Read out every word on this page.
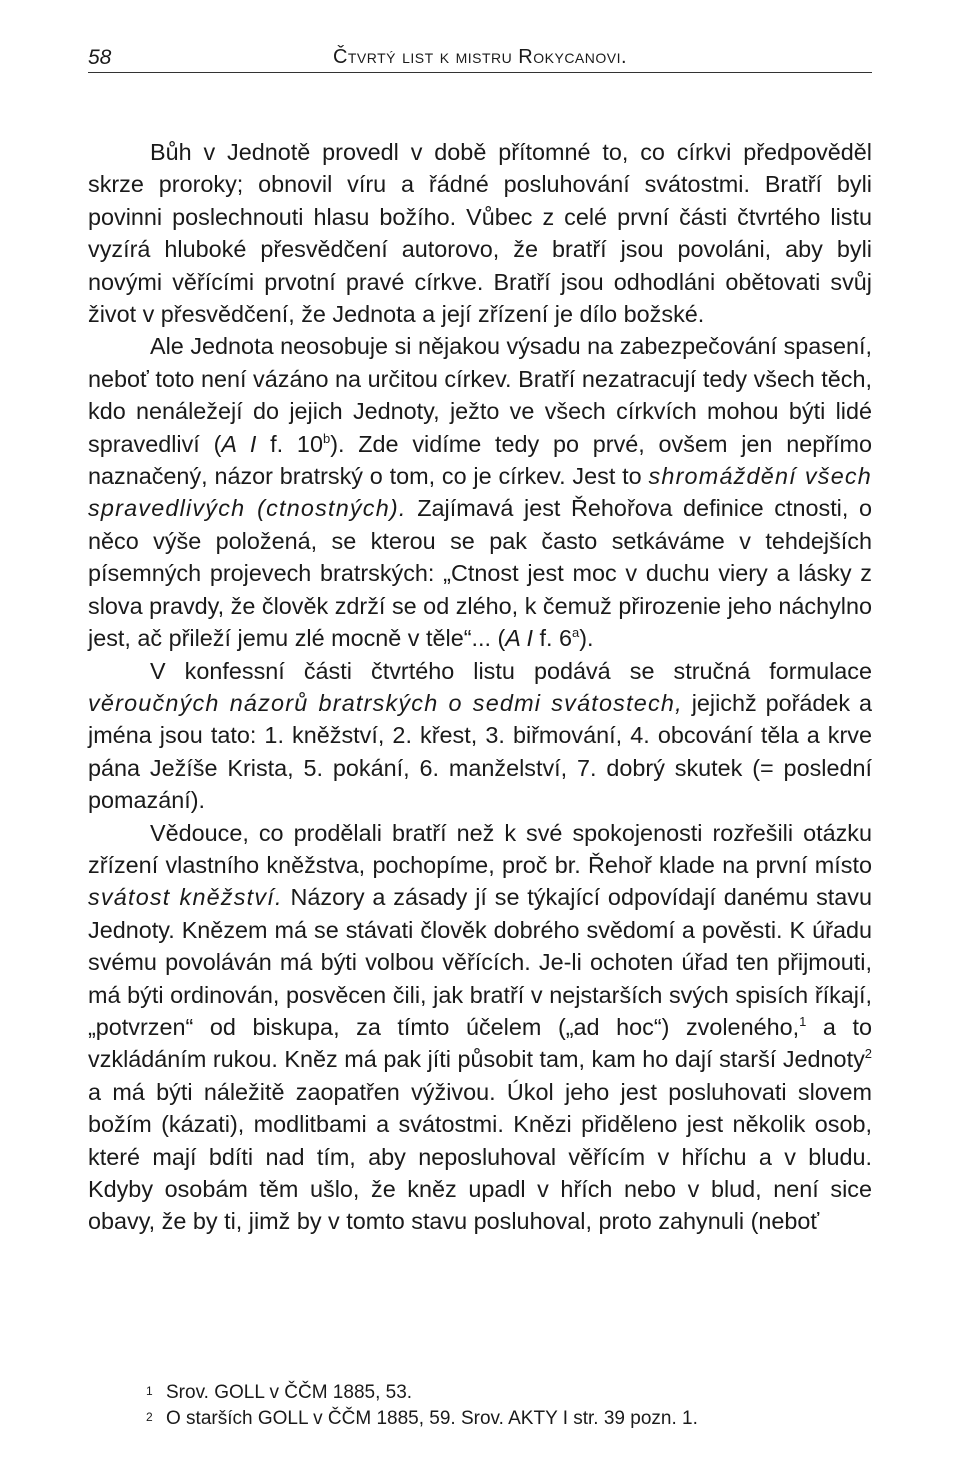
58	Čtvrtý list k mistru Rokycanovi.

Bůh v Jednotě provedl v době přítomné to, co církvi předpověděl skrze proroky; obnovil víru a řádné posluhování svátostmi. Bratří byli povinni poslechnouti hlasu božího. Vůbec z celé první části čtvrtého listu vyzírá hluboké přesvědčení autorovo, že bratří jsou povoláni, aby byli novými věřícími prvotní pravé církve. Bratří jsou odhodláni obětovati svůj život v přesvědčení, že Jednota a její zřízení je dílo božské.

Ale Jednota neosobuje si nějakou výsadu na zabezpečování spasení, neboť toto není vázáno na určitou církev. Bratří nezatracují tedy všech těch, kdo nenáležejí do jejich Jednoty, ježto ve všech církvích mohou býti lidé spravedliví (A I f. 10$^b$). Zde vidíme tedy po prvé, ovšem jen nepřímo naznačený, názor bratrský o tom, co je církev. Jest to shromáždění všech spravedlivých (ctnostných). Zajímavá jest Řehořova definice ctnosti, o něco výše položená, se kterou se pak často setkáváme v tehdejších písemných projevech bratrských: „Ctnost jest moc v duchu viery a lásky z slova pravdy, že člověk zdrží se od zlého, k čemuž přirozenie jeho náchylno jest, ač přileží jemu zlé mocně v těle“... (A I f. 6$^a$).

V konfessní části čtvrtého listu podává se stručná formulace věroučných názorů bratrských o sedmi svátostech, jejichž pořádek a jména jsou tato: 1. kněžství, 2. křest, 3. biřmování, 4. obcování těla a krve pána Ježíše Krista, 5. pokání, 6. manželství, 7. dobrý skutek (= poslední pomazání).

Vědouce, co prodělali bratří než k své spokojenosti rozřešili otázku zřízení vlastního kněžstva, pochopíme, proč br. Řehoř klade na první místo svátost kněžství. Názory a zásady jí se týkající odpovídají danému stavu Jednoty. Knězem má se stávati člověk dobrého svědomí a pověsti. K úřadu svému povoláván má býti volbou věřících. Je-li ochoten úřad ten přijmouti, má býti ordinován, posvěcen čili, jak bratří v nejstarších svých spisích říkají, „potvrzen“ od biskupa, za tímto účelem („ad hoc“) zvoleného,$^1$ a to vzkládáním rukou. Kněz má pak jíti působit tam, kam ho dají starší Jednoty$^2$ a má býti náležitě zaopatřen výživou. Úkol jeho jest posluhovati slovem božím (kázati), modlitbami a svátostmi. Knězi přiděleno jest několik osob, které mají bdíti nad tím, aby neposluhoval věřícím v hříchu a v bludu. Kdyby osobám těm ušlo, že kněz upadl v hřích nebo v blud, není sice obavy, že by ti, jimž by v tomto stavu posluhoval, proto zahynuli (neboť

1 Srov. GOLL v ČČM 1885, 53.

2 O starších GOLL v ČČM 1885, 59. Srov. AKTY I str. 39 pozn. 1.
